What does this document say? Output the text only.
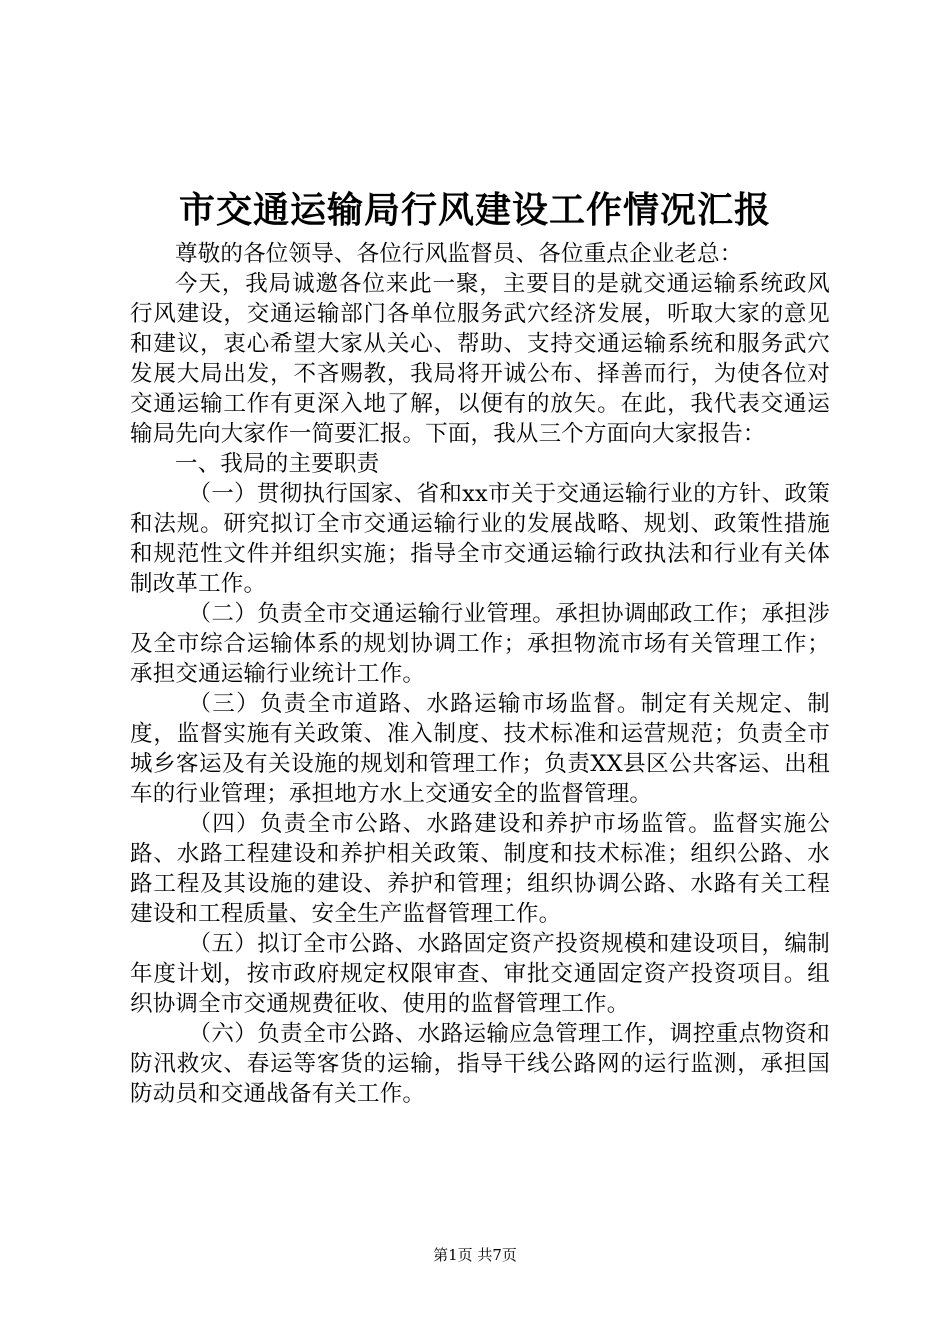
市交通运输局行风建设工作情况汇报

尊敬的各位领导、各位行风监督员、各位重点企业老总：

今天，我局诚邀各位来此一聚，主要目的是就交通运输系统政风行风建设，交通运输部门各单位服务武穴经济发展，听取大家的意见和建议，衷心希望大家从关心、帮助、支持交通运输系统和服务武穴发展大局出发，不吝赐教，我局将开诚公布、择善而行，为使各位对交通运输工作有更深入地了解，以便有的放矢。在此，我代表交通运输局先向大家作一简要汇报。下面，我从三个方面向大家报告：

一、我局的主要职责

（一）贯彻执行国家、省和xx市关于交通运输行业的方针、政策和法规。研究拟订全市交通运输行业的发展战略、规划、政策性措施和规范性文件并组织实施；指导全市交通运输行政执法和行业有关体制改革工作。

（二）负责全市交通运输行业管理。承担协调邮政工作；承担涉及全市综合运输体系的规划协调工作；承担物流市场有关管理工作；承担交通运输行业统计工作。

（三）负责全市道路、水路运输市场监督。制定有关规定、制度，监督实施有关政策、准入制度、技术标准和运营规范；负责全市城乡客运及有关设施的规划和管理工作；负责XX县区公共客运、出租车的行业管理；承担地方水上交通安全的监督管理。

（四）负责全市公路、水路建设和养护市场监管。监督实施公路、水路工程建设和养护相关政策、制度和技术标准；组织公路、水路工程及其设施的建设、养护和管理；组织协调公路、水路有关工程建设和工程质量、安全生产监督管理工作。

（五）拟订全市公路、水路固定资产投资规模和建设项目，编制年度计划，按市政府规定权限审查、审批交通固定资产投资项目。组织协调全市交通规费征收、使用的监督管理工作。

（六）负责全市公路、水路运输应急管理工作，调控重点物资和防汛救灾、春运等客货的运输，指导干线公路网的运行监测，承担国防动员和交通战备有关工作。

第1页 共7页
